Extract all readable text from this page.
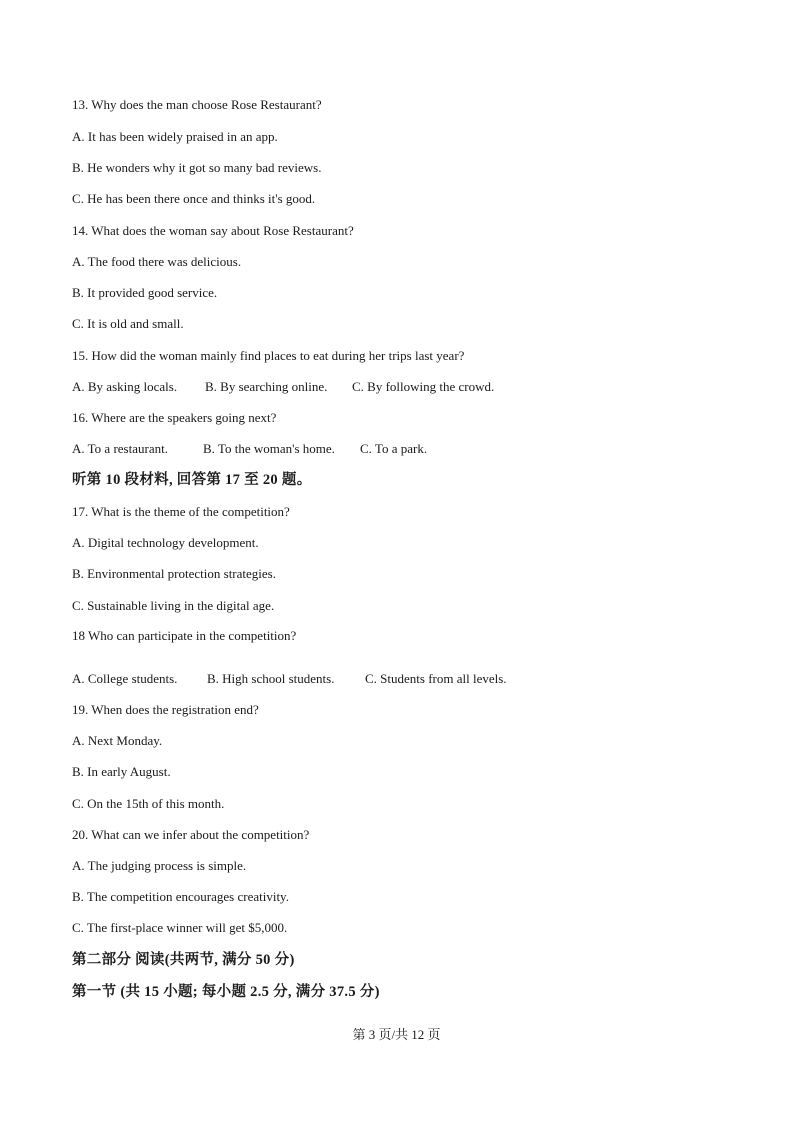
13. Why does the man choose Rose Restaurant?
A. It has been widely praised in an app.
B. He wonders why it got so many bad reviews.
C. He has been there once and thinks it's good.
14. What does the woman say about Rose Restaurant?
A. The food there was delicious.
B. It provided good service.
C. It is old and small.
15. How did the woman mainly find places to eat during her trips last year?
A. By asking locals. B. By searching online. C. By following the crowd.
16. Where are the speakers going next?
A. To a restaurant.	B. To the woman's home. C. To a park.
听第 10 段材料, 回答第 17 至 20 题。
17. What is the theme of the competition?
A. Digital technology development.
B. Environmental protection strategies.
C. Sustainable living in the digital age.
18 Who can participate in the competition?
A. College students. B. High school students. C. Students from all levels.
19. When does the registration end?
A. Next Monday.
B. In early August.
C. On the 15th of this month.
20. What can we infer about the competition?
A. The judging process is simple.
B. The competition encourages creativity.
C. The first-place winner will get $5,000.
第二部分 阅读(共两节, 满分 50 分)
第一节 (共 15 小题; 每小题 2.5 分, 满分 37.5 分)
第 3 页/共 12 页
